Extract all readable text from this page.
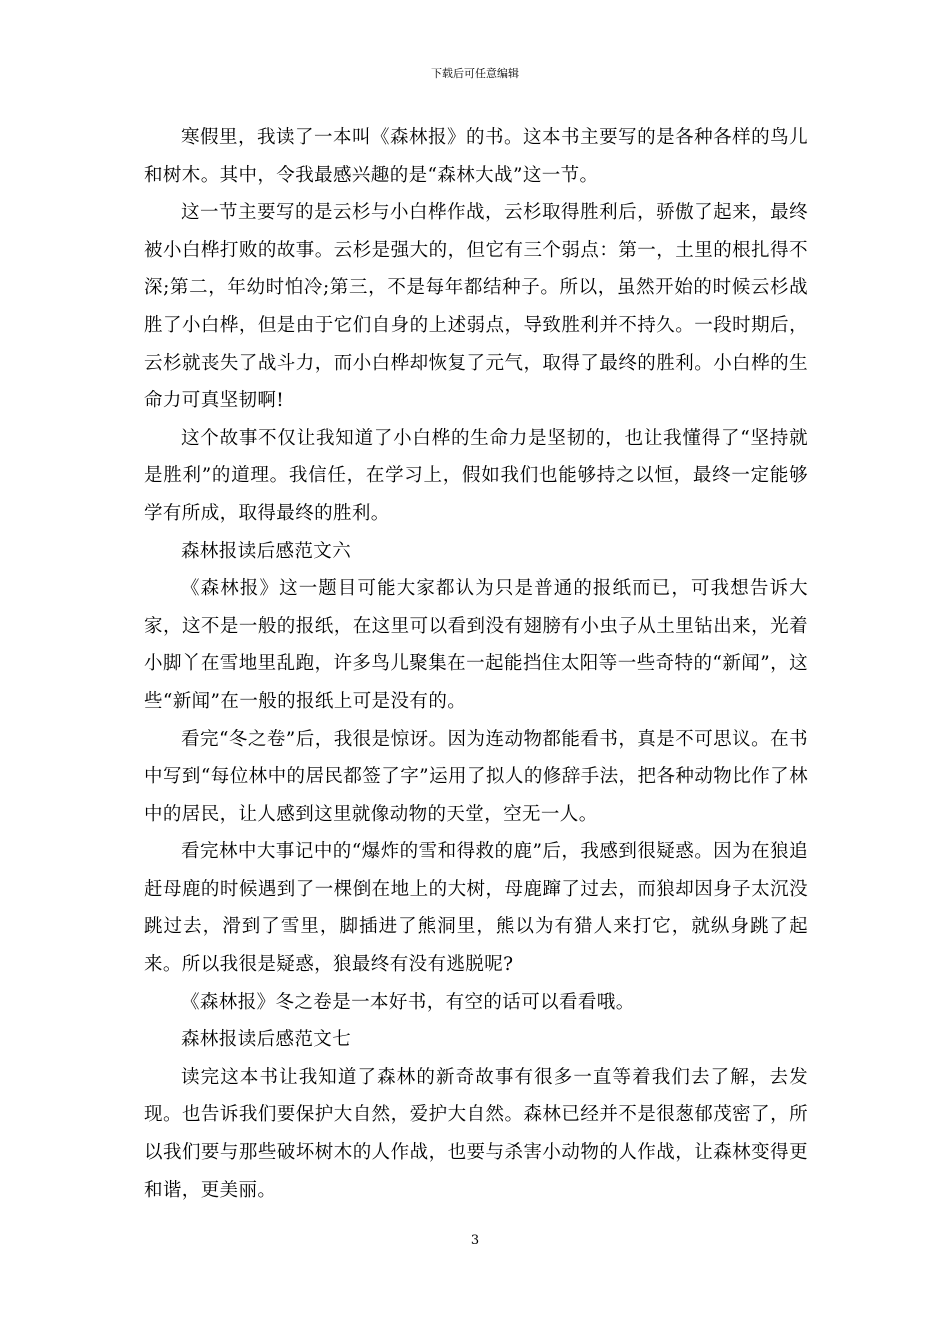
下载后可任意编辑

寒假里，我读了一本叫《森林报》的书。这本书主要写的是各种各样的鸟儿和树木。其中，令我最感兴趣的是“森林大战”这一节。

这一节主要写的是云杉与小白桦作战，云杉取得胜利后，骄傲了起来，最终被小白桦打败的故事。云杉是强大的，但它有三个弱点：第一，土里的根扎得不深;第二，年幼时怕冷;第三，不是每年都结种子。所以，虽然开始的时候云杉战胜了小白桦，但是由于它们自身的上述弱点，导致胜利并不持久。一段时期后，云杉就丧失了战斗力，而小白桦却恢复了元气，取得了最终的胜利。小白桦的生命力可真坚韧啊!

这个故事不仅让我知道了小白桦的生命力是坚韧的，也让我懂得了“坚持就是胜利”的道理。我信任，在学习上，假如我们也能够持之以恒，最终一定能够学有所成，取得最终的胜利。

森林报读后感范文六

《森林报》这一题目可能大家都认为只是普通的报纸而已，可我想告诉大家，这不是一般的报纸，在这里可以看到没有翅膀有小虫子从土里钻出来，光着小脚丫在雪地里乱跑，许多鸟儿聚集在一起能挡住太阳等一些奇特的“新闻”，这些“新闻”在一般的报纸上可是没有的。

看完“冬之卷”后，我很是惊讶。因为连动物都能看书，真是不可思议。在书中写到“每位林中的居民都签了字”运用了拟人的修辞手法，把各种动物比作了林中的居民，让人感到这里就像动物的天堂，空无一人。

看完林中大事记中的“爆炸的雪和得救的鹿”后，我感到很疑惑。因为在狼追赶母鹿的时候遇到了一棵倒在地上的大树，母鹿蹿了过去，而狼却因身子太沉没跳过去，滑到了雪里，脚插进了熊洞里，熊以为有猎人来打它，就纵身跳了起来。所以我很是疑惑，狼最终有没有逃脱呢?

《森林报》冬之卷是一本好书，有空的话可以看看哦。

森林报读后感范文七

读完这本书让我知道了森林的新奇故事有很多一直等着我们去了解，去发现。也告诉我们要保护大自然，爱护大自然。森林已经并不是很葱郁茂密了，所以我们要与那些破坏树木的人作战，也要与杀害小动物的人作战，让森林变得更和谐，更美丽。

3
